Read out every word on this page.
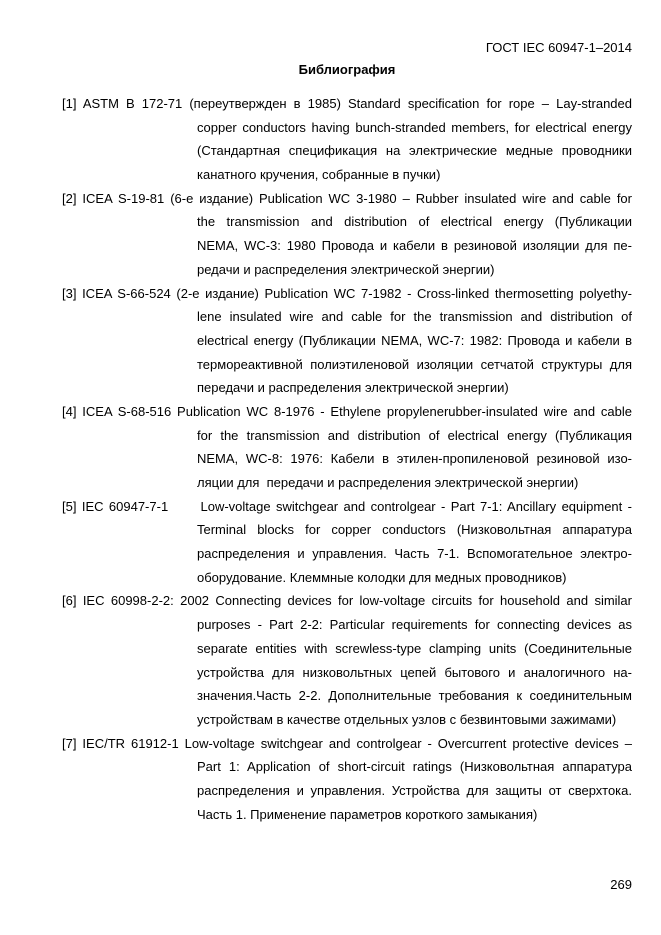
ГОСТ IEC 60947-1–2014
Библиография
[1] ASTM B 172-71 (переутвержден в 1985) Standard specification for rope – Lay-stranded
copper conductors having bunch-stranded members, for electrical energy
(Стандартная спецификация на электрические медные проводники
канатного кручения, собранные в пучки)
[2] ICEA S-19-81 (6-е издание) Publication WC 3-1980 – Rubber insulated wire and cable for
the transmission and distribution of electrical energy (Публикации
NEMA, WC-3: 1980 Провода и кабели в резиновой изоляции для пе-
редачи и распределения электрической энергии)
[3] ICEA S-66-524 (2-е издание) Publication WC 7-1982 - Cross-linked thermosetting polyethy-
lene insulated wire and cable for the transmission and distribution of
electrical energy (Публикации NEMA, WC-7: 1982: Провода и кабели в
термореактивной полиэтиленовой изоляции сетчатой структуры для
передачи и распределения электрической энергии)
[4] ICEA S-68-516 Publication WC 8-1976 - Ethylene propylenerubber-insulated wire and cable
for the transmission and distribution of electrical energy (Публикация
NEMA, WC-8: 1976: Кабели в этилен-пропиленовой резиновой изо-
ляции для  передачи и распределения электрической энергии)
[5] IEC 60947-7-1      Low-voltage switchgear and controlgear - Part 7-1: Ancillary equipment -
Terminal blocks for copper conductors (Низковольтная аппаратура
распределения и управления. Часть 7-1. Вспомогательное электро-
оборудование. Клеммные колодки для медных проводников)
[6] IEC 60998-2-2: 2002 Connecting devices for low-voltage circuits for household and similar
purposes - Part 2-2: Particular requirements for connecting devices as
separate entities with screwless-type clamping units (Соединительные
устройства для низковольтных цепей бытового и аналогичного на-
значения.Часть 2-2. Дополнительные требования к соединительным
устройствам в качестве отдельных узлов с безвинтовыми зажимами)
[7] IEC/TR 61912-1 Low-voltage switchgear and controlgear - Overcurrent protective devices –
Part 1: Application of short-circuit ratings (Низковольтная аппаратура
распределения и управления. Устройства для защиты от сверхтока.
Часть 1. Применение параметров короткого замыкания)
269
